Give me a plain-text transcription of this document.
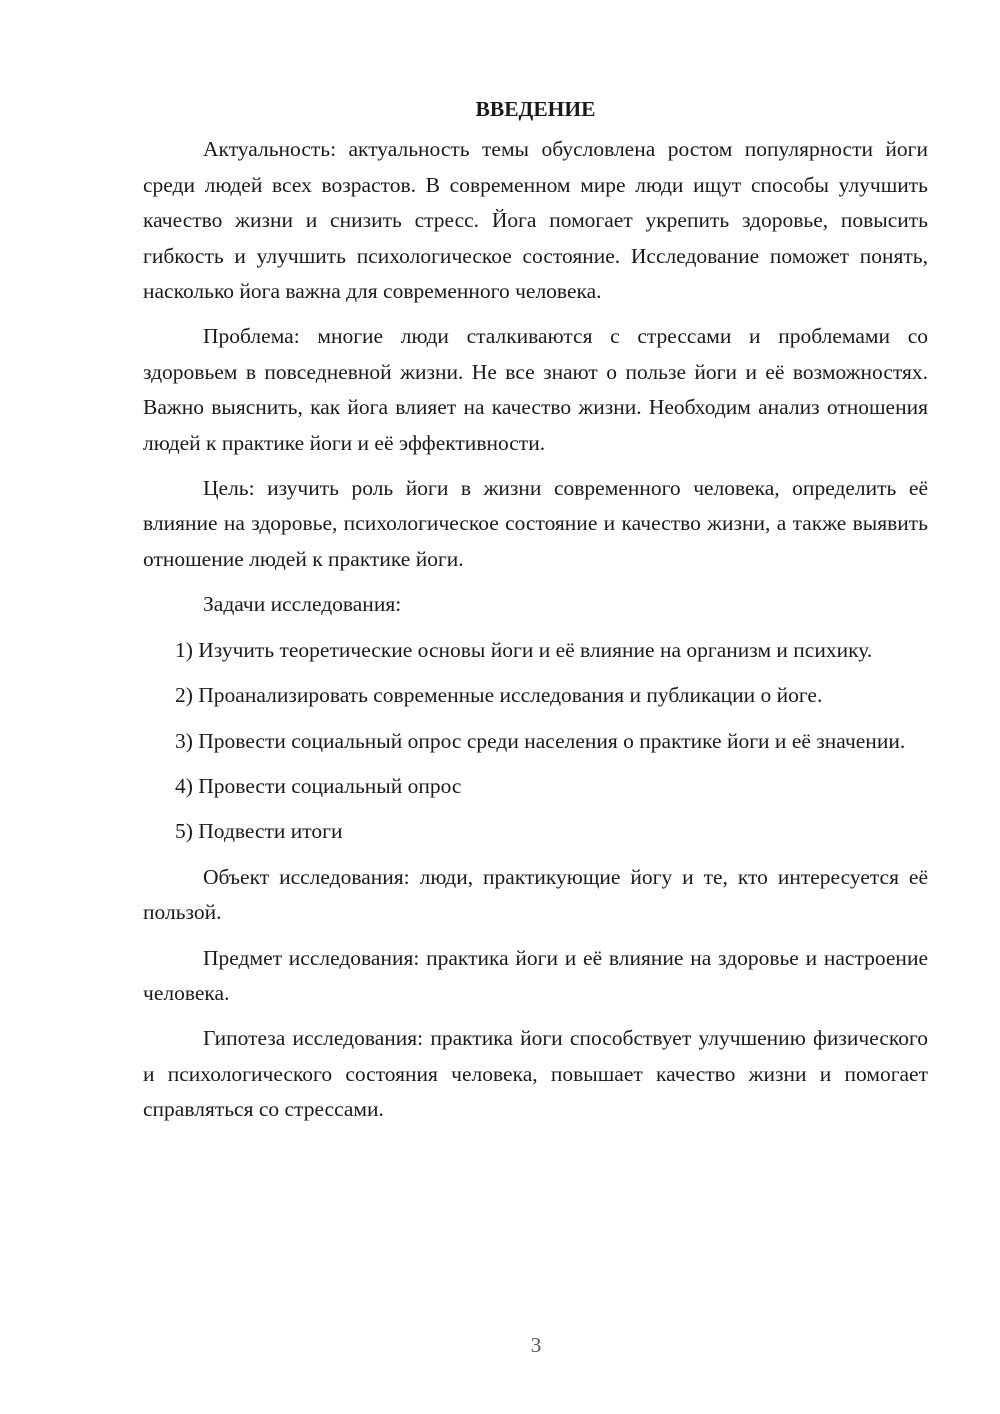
ВВЕДЕНИЕ

Актуальность: актуальность темы обусловлена ростом популярности йоги среди людей всех возрастов. В современном мире люди ищут способы улучшить качество жизни и снизить стресс. Йога помогает укрепить здоровье, повысить гибкость и улучшить психологическое состояние. Исследование поможет понять, насколько йога важна для современного человека.

Проблема: многие люди сталкиваются с стрессами и проблемами со здоровьем в повседневной жизни. Не все знают о пользе йоги и её возможностях. Важно выяснить, как йога влияет на качество жизни. Необходим анализ отношения людей к практике йоги и её эффективности.

Цель: изучить роль йоги в жизни современного человека, определить её влияние на здоровье, психологическое состояние и качество жизни, а также выявить отношение людей к практике йоги.

Задачи исследования:

1) Изучить теоретические основы йоги и её влияние на организм и психику.

2) Проанализировать современные исследования и публикации о йоге.

3) Провести социальный опрос среди населения о практике йоги и её значении.

4) Провести социальный опрос

5) Подвести итоги

Объект исследования: люди, практикующие йогу и те, кто интересуется её пользой.

Предмет исследования: практика йоги и её влияние на здоровье и настроение человека.

Гипотеза исследования: практика йоги способствует улучшению физического и психологического состояния человека, повышает качество жизни и помогает справляться со стрессами.

3
